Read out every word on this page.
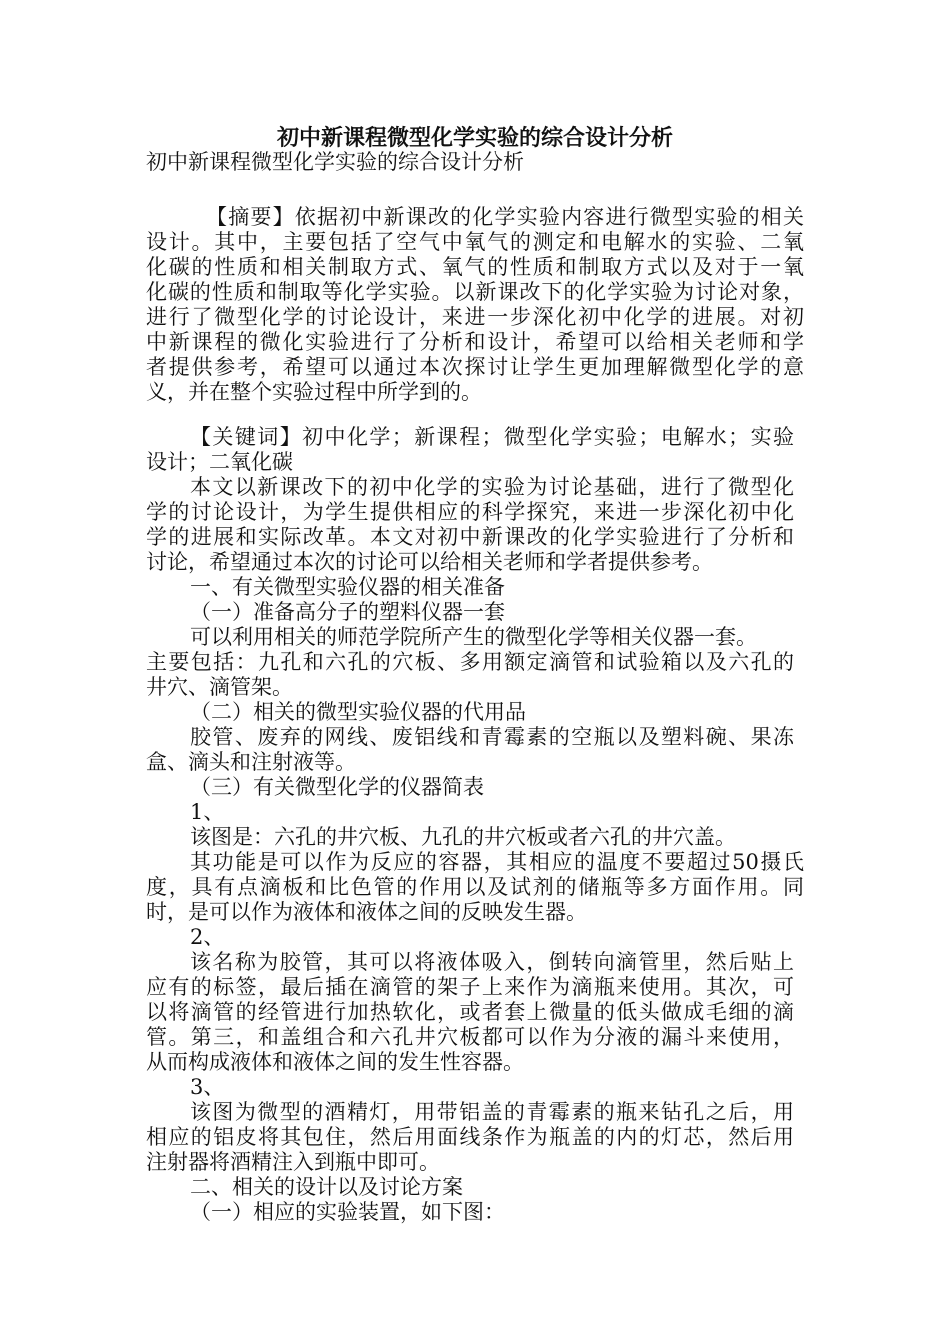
初中新课程微型化学实验的综合设计分析
初中新课程微型化学实验的综合设计分析
【摘要】依据初中新课改的化学实验内容进行微型实验的相关
设计。其中，主要包括了空气中氧气的测定和电解水的实验、二氧
化碳的性质和相关制取方式、氧气的性质和制取方式以及对于一氧
化碳的性质和制取等化学实验。以新课改下的化学实验为讨论对象，
进行了微型化学的讨论设计，来进一步深化初中化学的进展。对初
中新课程的微化实验进行了分析和设计，希望可以给相关老师和学
者提供参考，希望可以通过本次探讨让学生更加理解微型化学的意
义，并在整个实验过程中所学到的。
【关键词】初中化学；新课程；微型化学实验；电解水；实验
设计；二氧化碳
本文以新课改下的初中化学的实验为讨论基础，进行了微型化
学的讨论设计，为学生提供相应的科学探究，来进一步深化初中化
学的进展和实际改革。本文对初中新课改的化学实验进行了分析和
讨论，希望通过本次的讨论可以给相关老师和学者提供参考。
一、有关微型实验仪器的相关准备
（一）准备高分子的塑料仪器一套
可以利用相关的师范学院所产生的微型化学等相关仪器一套。
主要包括：九孔和六孔的穴板、多用额定滴管和试验箱以及六孔的
井穴、滴管架。
（二）相关的微型实验仪器的代用品
胶管、废弃的网线、废铝线和青霉素的空瓶以及塑料碗、果冻
盒、滴头和注射液等。
（三）有关微型化学的仪器简表
1、
该图是：六孔的井穴板、九孔的井穴板或者六孔的井穴盖。
其功能是可以作为反应的容器，其相应的温度不要超过50摄氏
度，具有点滴板和比色管的作用以及试剂的储瓶等多方面作用。同
时，是可以作为液体和液体之间的反映发生器。
2、
该名称为胶管，其可以将液体吸入，倒转向滴管里，然后贴上
应有的标签，最后插在滴管的架子上来作为滴瓶来使用。其次，可
以将滴管的经管进行加热软化，或者套上微量的低头做成毛细的滴
管。第三，和盖组合和六孔井穴板都可以作为分液的漏斗来使用，
从而构成液体和液体之间的发生性容器。
3、
该图为微型的酒精灯，用带铝盖的青霉素的瓶来钻孔之后，用
相应的铝皮将其包住，然后用面线条作为瓶盖的内的灯芯，然后用
注射器将酒精注入到瓶中即可。
二、相关的设计以及讨论方案
（一）相应的实验装置，如下图：
